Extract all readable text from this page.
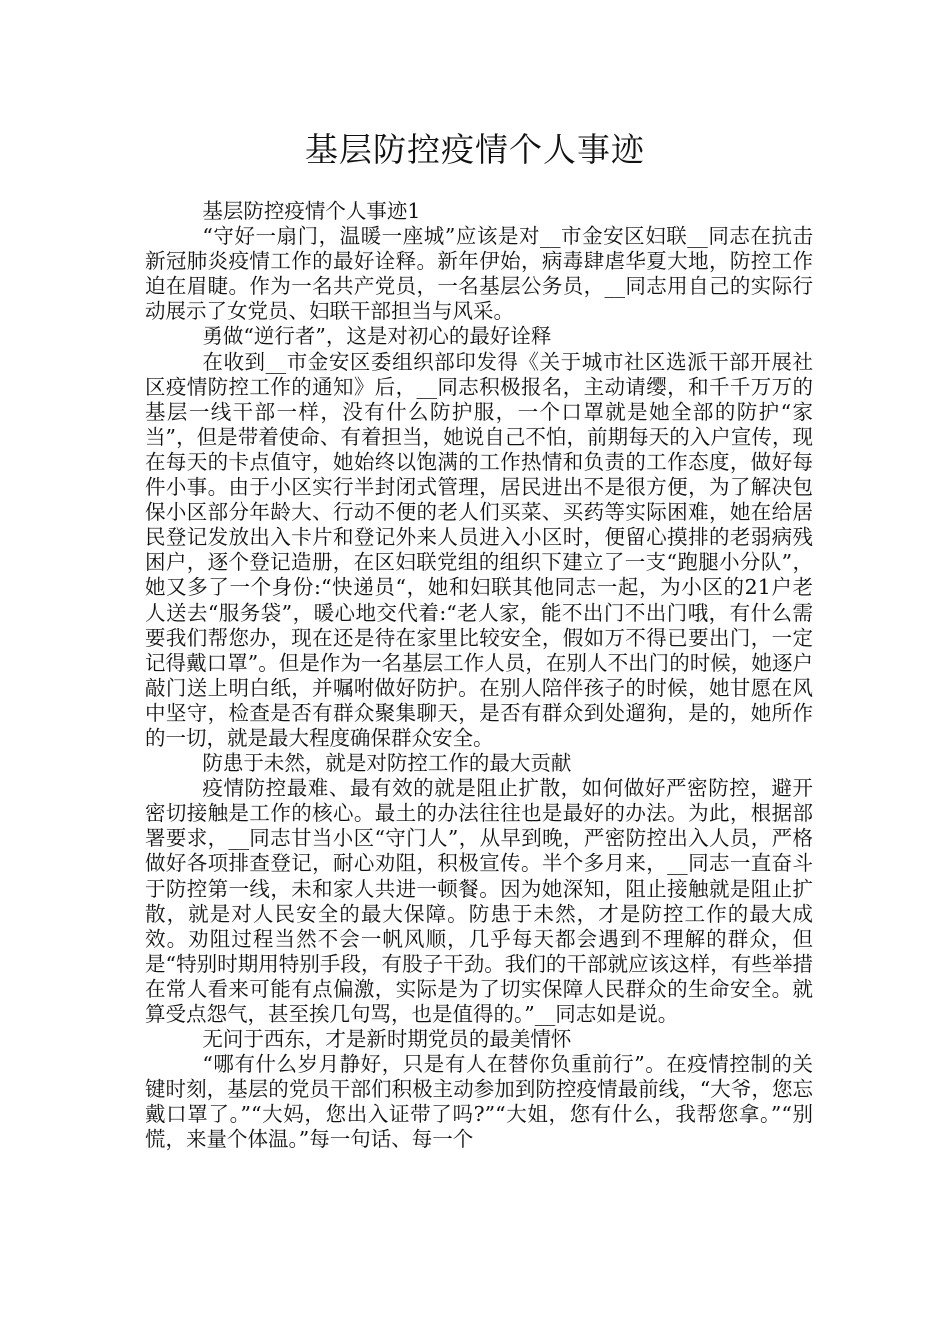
基层防控疫情个人事迹

基层防控疫情个人事迹1

“守好一扇门，温暖一座城”应该是对__市金安区妇联__同志在抗击新冠肺炎疫情工作的最好诠释。新年伊始，病毒肆虐华夏大地，防控工作迫在眉睫。作为一名共产党员，一名基层公务员，__同志用自己的实际行动展示了女党员、妇联干部担当与风采。

勇做“逆行者”，这是对初心的最好诠释

在收到__市金安区委组织部印发得《关于城市社区选派干部开展社区疫情防控工作的通知》后，__同志积极报名，主动请缨，和千千万万的基层一线干部一样，没有什么防护服，一个口罩就是她全部的防护“家当”，但是带着使命、有着担当，她说自己不怕，前期每天的入户宣传，现在每天的卡点值守，她始终以饱满的工作热情和负责的工作态度，做好每件小事。由于小区实行半封闭式管理，居民进出不是很方便，为了解决包保小区部分年龄大、行动不便的老人们买菜、买药等实际困难，她在给居民登记发放出入卡片和登记外来人员进入小区时，便留心摸排的老弱病残困户，逐个登记造册，在区妇联党组的组织下建立了一支“跑腿小分队”，她又多了一个身份:“快递员“，她和妇联其他同志一起，为小区的21户老人送去“服务袋”，暖心地交代着:“老人家，能不出门不出门哦，有什么需要我们帮您办，现在还是待在家里比较安全，假如万不得已要出门，一定记得戴口罩”。但是作为一名基层工作人员，在别人不出门的时候，她逐户敲门送上明白纸，并嘱咐做好防护。在别人陪伴孩子的时候，她甘愿在风中坚守，检查是否有群众聚集聊天，是否有群众到处遛狗，是的，她所作的一切，就是最大程度确保群众安全。

防患于未然，就是对防控工作的最大贡献

疫情防控最难、最有效的就是阻止扩散，如何做好严密防控，避开密切接触是工作的核心。最土的办法往往也是最好的办法。为此，根据部署要求，__同志甘当小区“守门人”，从早到晚，严密防控出入人员，严格做好各项排查登记，耐心劝阻，积极宣传。半个多月来，__同志一直奋斗于防控第一线，未和家人共进一顿餐。因为她深知，阻止接触就是阻止扩散，就是对人民安全的最大保障。防患于未然，才是防控工作的最大成效。劝阻过程当然不会一帆风顺，几乎每天都会遇到不理解的群众，但是“特别时期用特别手段，有股子干劲。我们的干部就应该这样，有些举措在常人看来可能有点偏激，实际是为了切实保障人民群众的生命安全。就算受点怨气，甚至挨几句骂，也是值得的。”__同志如是说。

无问于西东，才是新时期党员的最美情怀

“哪有什么岁月静好，只是有人在替你负重前行”。在疫情控制的关键时刻，基层的党员干部们积极主动参加到防控疫情最前线，“大爷，您忘戴口罩了。”“大妈，您出入证带了吗?”“大姐，您有什么，我帮您拿。”“别慌，来量个体温。”每一句话、每一个
